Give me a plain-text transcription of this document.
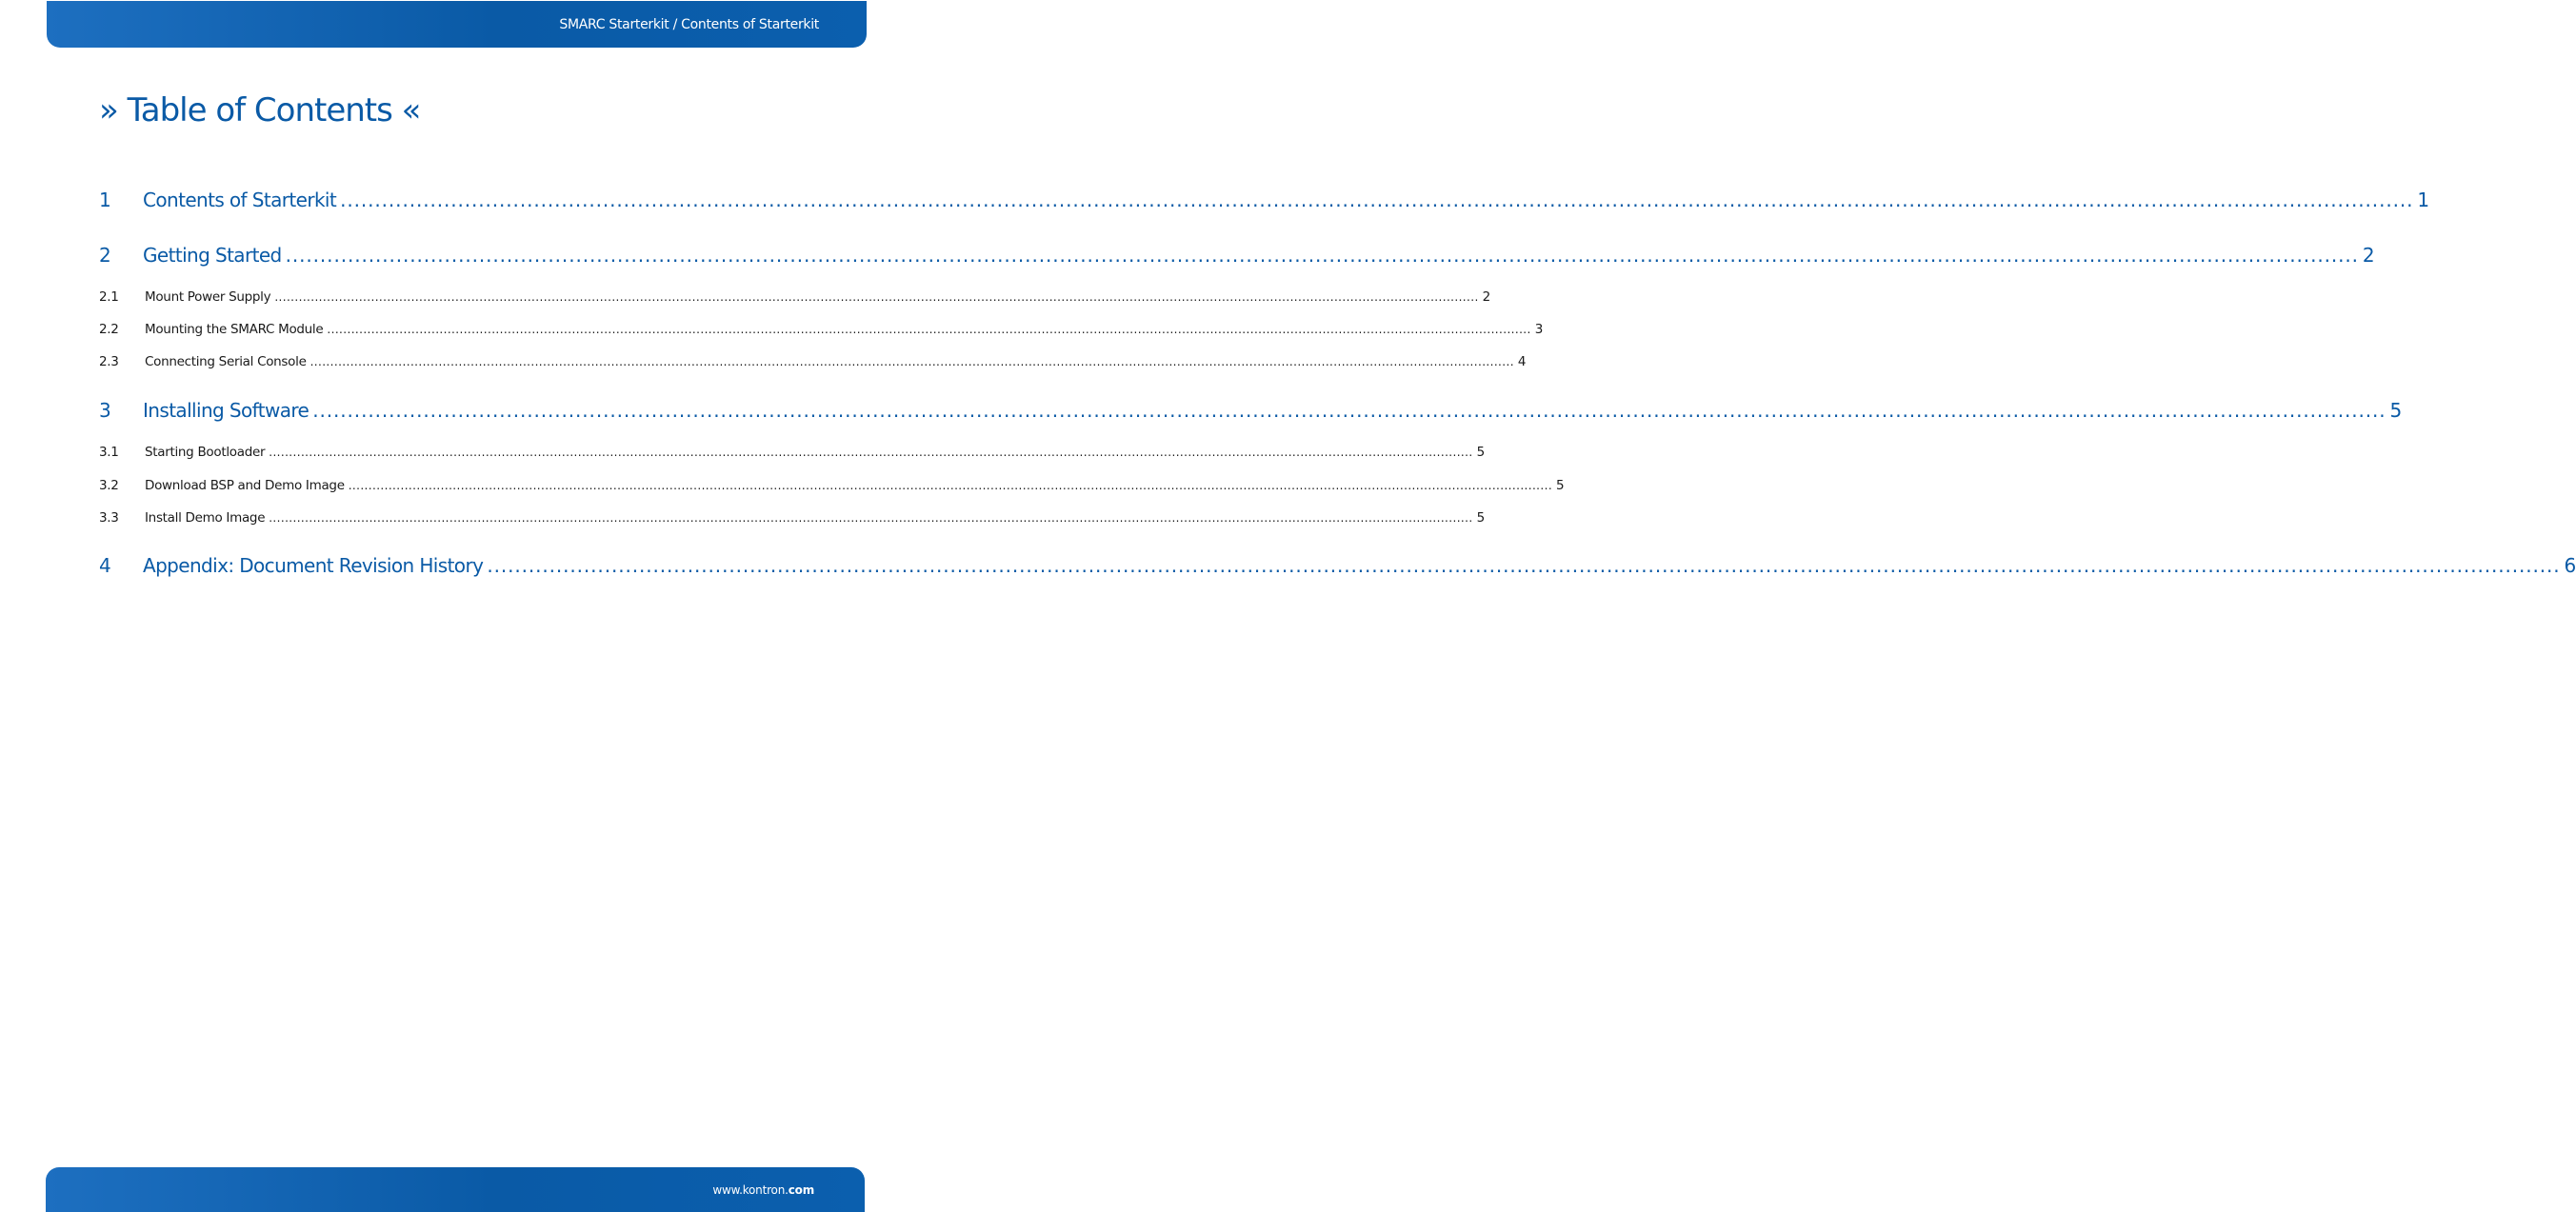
SMARC Starterkit / Contents of Starterkit
» Table of Contents «
1	Contents of Starterkit ............................................................................................................................................................................................................................................................................................................ 1
2	Getting Started ............................................................................................................................................................................................................................................................................................................ 2
2.1	Mount Power Supply ............................................................................................................................................................................................................................................................................................................ 2
2.2	Mounting the SMARC Module ............................................................................................................................................................................................................................................................................................................ 3
2.3	Connecting Serial Console ............................................................................................................................................................................................................................................................................................................ 4
3	Installing Software ............................................................................................................................................................................................................................................................................................................ 5
3.1	Starting Bootloader ............................................................................................................................................................................................................................................................................................................ 5
3.2	Download BSP and Demo Image ............................................................................................................................................................................................................................................................................................................ 5
3.3	Install Demo Image ............................................................................................................................................................................................................................................................................................................ 5
4	Appendix: Document Revision History ............................................................................................................................................................................................................................................................................................................ 6
www.kontron.com
